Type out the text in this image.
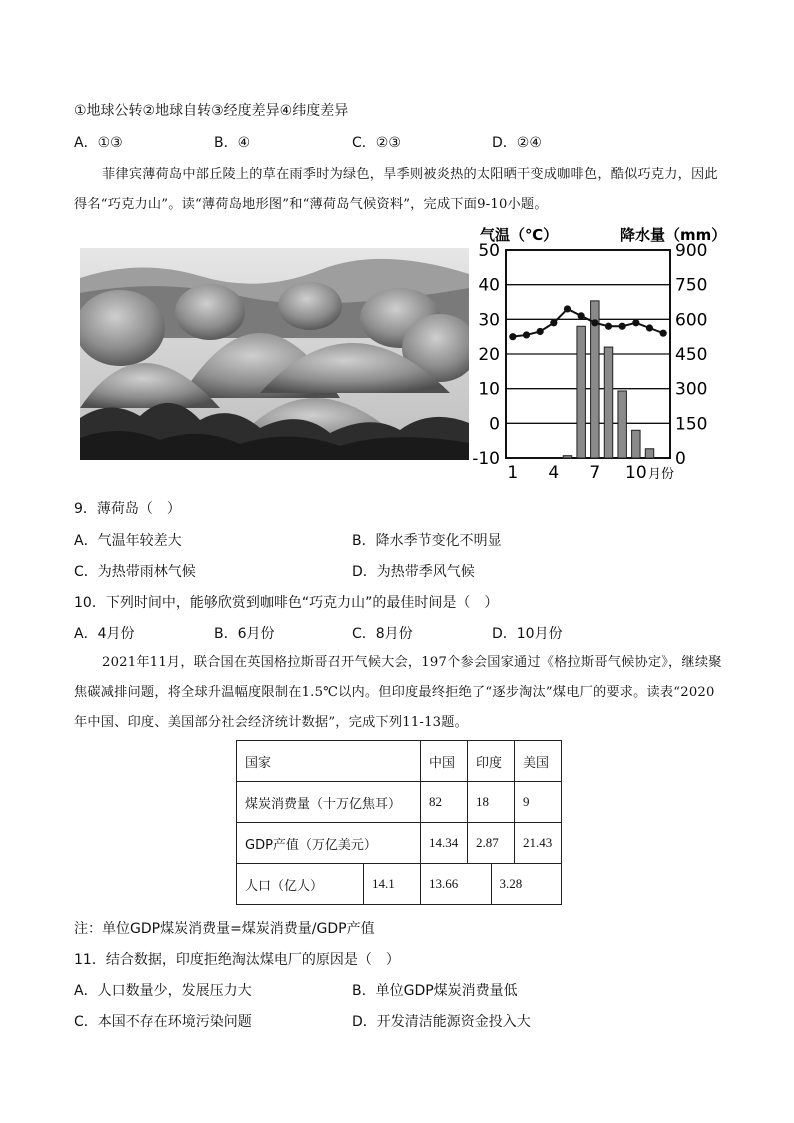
①地球公转②地球自转③经度差异④纬度差异
A．①③	B．④	C．②③	D．②④
菲律宾薄荷岛中部丘陵上的草在雨季时为绿色，旱季则被炎热的太阳晒干变成咖啡色，酷似巧克力，因此得名“巧克力山”。读“薄荷岛地形图”和“薄荷岛气候资料”，完成下面9-10小题。
气温（℃）	降水量（mm）
50
40
30
20
10
0
-10
900
750
600
450
300
150
0
1 4 7 10 月份
9．薄荷岛（　）
A．气温年较差大	B．降水季节变化不明显
C．为热带雨林气候	D．为热带季风气候
10．下列时间中，能够欣赏到咖啡色“巧克力山”的最佳时间是（　）
A．4月份	B．6月份	C．8月份	D．10月份
2021年11月，联合国在英国格拉斯哥召开气候大会，197个参会国家通过《格拉斯哥气候协定》，继续聚焦碳减排问题，将全球升温幅度限制在1.5℃以内。但印度最终拒绝了“逐步淘汰”煤电厂的要求。读表“2020年中国、印度、美国部分社会经济统计数据”，完成下列11-13题。
国家		中国	印度		美国
煤炭消费量（十万亿焦耳）		82	18		9
GDP产值（万亿美元）		14.34	2.87		21.43
人口（亿人）	14.1	13.66		3.28	
注：单位GDP煤炭消费量=煤炭消费量/GDP产值
11．结合数据，印度拒绝淘汰煤电厂的原因是（　）
A．人口数量少，发展压力大	B．单位GDP煤炭消费量低
C．本国不存在环境污染问题	D．开发清洁能源资金投入大
